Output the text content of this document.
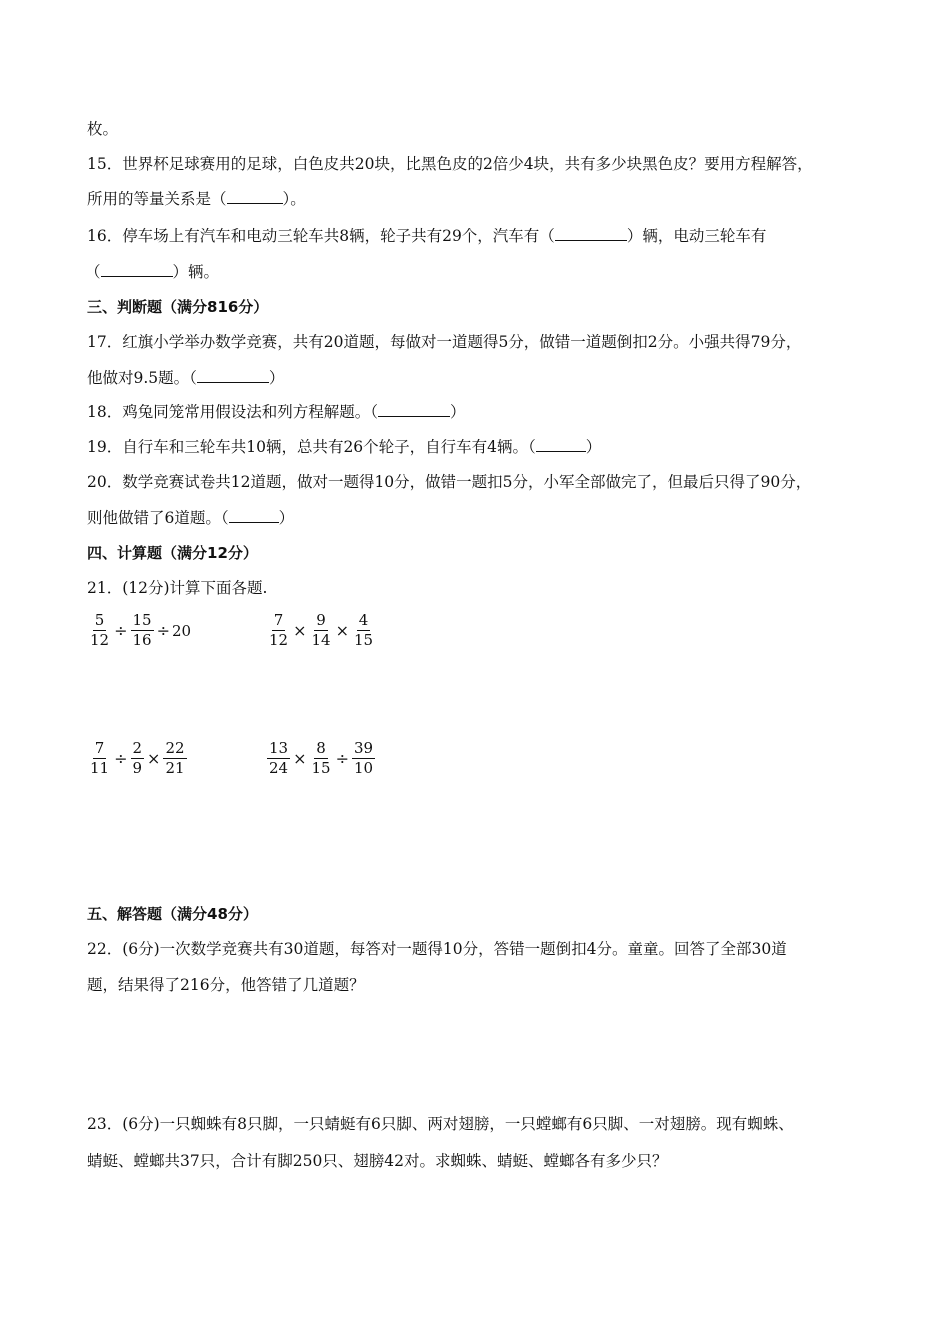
枚。
15．世界杯足球赛用的足球，白色皮共20块，比黑色皮的2倍少4块，共有多少块黑色皮？要用方程解答，
所用的等量关系是（	）。
16．停车场上有汽车和电动三轮车共8辆，轮子共有29个，汽车有（	）辆，电动三轮车有
（	）辆。
三、判断题（满分816分）
17．红旗小学举办数学竞赛，共有20道题，每做对一道题得5分，做错一道题倒扣2分。小强共得79分，
他做对9.5题。（	）
18．鸡兔同笼常用假设法和列方程解题。（	）
19．自行车和三轮车共10辆，总共有26个轮子，自行车有4辆。（	）
20．数学竞赛试卷共12道题，做对一题得10分，做错一题扣5分，小军全部做完了，但最后只得了90分，
则他做错了6道题。（	）
四、计算题（满分12分）
21．(12分)计算下面各题.
$\frac{5}{12} \div \frac{15}{16} \div 20$	$\frac{7}{12} \times \frac{9}{14} \times \frac{4}{15}$
$\frac{7}{11} \div \frac{2}{9} \times \frac{22}{21}$	$\frac{13}{24} \times \frac{8}{15} \div \frac{39}{10}$
五、解答题（满分48分）
22．(6分)一次数学竞赛共有30道题，每答对一题得10分，答错一题倒扣4分。童童。回答了全部30道
题，结果得了216分，他答错了几道题？
23．(6分)一只蜘蛛有8只脚，一只蜻蜓有6只脚、两对翅膀，一只螳螂有6只脚、一对翅膀。现有蜘蛛、
蜻蜓、螳螂共37只，合计有脚250只、翅膀42对。求蜘蛛、蜻蜓、螳螂各有多少只？
